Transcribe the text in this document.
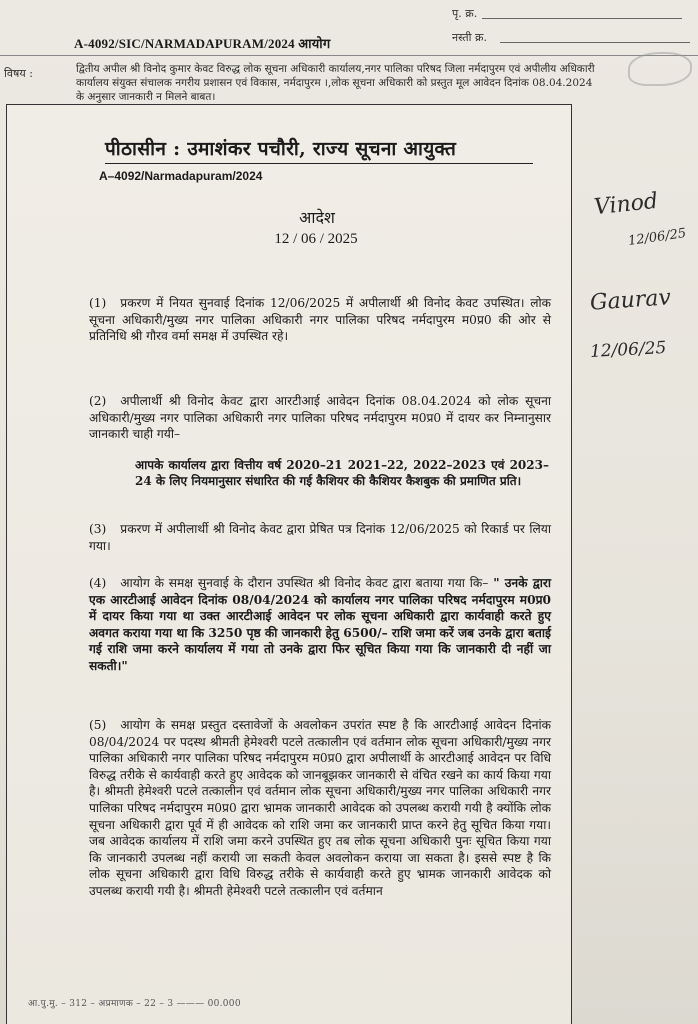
पृ. क्र.
नस्ती क्र.
A-4092/SIC/NARMADAPURAM/2024 आयोग
विषय :	द्वितीय अपील श्री विनोद कुमार केवट विरुद्ध लोक सूचना अधिकारी कार्यालय,नगर पालिका परिषद जिला नर्मदापुरम एवं अपीलीय अधिकारी कार्यालय संयुक्त संचालक नगरीय प्रशासन एवं विकास, नर्मदापुरम ।,लोक सूचना अधिकारी को प्रस्तुत मूल आवेदन दिनांक 08.04.2024 के अनुसार जानकारी न मिलने बाबत।
पीठासीन : उमाशंकर पचौरी, राज्य सूचना आयुक्त
A–4092/Narmadapuram/2024
आदेश
12 / 06 / 2025
(1) प्रकरण में नियत सुनवाई दिनांक 12/06/2025 में अपीलार्थी श्री विनोद केवट उपस्थित। लोक सूचना अधिकारी/मुख्य नगर पालिका अधिकारी नगर पालिका परिषद नर्मदापुरम म0प्र0 की ओर से प्रतिनिधि श्री गौरव वर्मा समक्ष में उपस्थित रहे।
(2) अपीलार्थी श्री विनोद केवट द्वारा आरटीआई आवेदन दिनांक 08.04.2024 को लोक सूचना अधिकारी/मुख्य नगर पालिका अधिकारी नगर पालिका परिषद नर्मदापुरम म0प्र0 में दायर कर निम्नानुसार जानकारी चाही गयी–
आपके कार्यालय द्वारा वित्तीय वर्ष 2020–21 2021–22, 2022–2023 एवं 2023–24 के लिए नियमानुसार संधारित की गई कैशियर की कैशियर कैशबुक की प्रमाणित प्रति।
(3) प्रकरण में अपीलार्थी श्री विनोद केवट द्वारा प्रेषित पत्र दिनांक 12/06/2025 को रिकार्ड पर लिया गया।
(4) आयोग के समक्ष सुनवाई के दौरान उपस्थित श्री विनोद केवट द्वारा बताया गया कि– " उनके द्वारा एक आरटीआई आवेदन दिनांक 08/04/2024 को कार्यालय नगर पालिका परिषद नर्मदापुरम म0प्र0 में दायर किया गया था उक्त आरटीआई आवेदन पर लोक सूचना अधिकारी द्वारा कार्यवाही करते हुए अवगत कराया गया था कि 3250 पृष्ठ की जानकारी हेतु 6500/– राशि जमा करें जब उनके द्वारा बताई गई राशि जमा करने कार्यालय में गया तो उनके द्वारा फिर सूचित किया गया कि जानकारी दी नहीं जा सकती।"
(5) आयोग के समक्ष प्रस्तुत दस्तावेजों के अवलोकन उपरांत स्पष्ट है कि आरटीआई आवेदन दिनांक 08/04/2024 पर पदस्थ श्रीमती हेमेश्वरी पटले तत्कालीन एवं वर्तमान लोक सूचना अधिकारी/मुख्य नगर पालिका अधिकारी नगर पालिका परिषद नर्मदापुरम म0प्र0 द्वारा अपीलार्थी के आरटीआई आवेदन पर विधि विरुद्ध तरीके से कार्यवाही करते हुए आवेदक को जानबूझकर जानकारी से वंचित रखने का कार्य किया गया है। श्रीमती हेमेश्वरी पटले तत्कालीन एवं वर्तमान लोक सूचना अधिकारी/मुख्य नगर पालिका अधिकारी नगर पालिका परिषद नर्मदापुरम म0प्र0 द्वारा भ्रामक जानकारी आवेदक को उपलब्ध करायी गयी है क्योंकि लोक सूचना अधिकारी द्वारा पूर्व में ही आवेदक को राशि जमा कर जानकारी प्राप्त करने हेतु सूचित किया गया। जब आवेदक कार्यालय में राशि जमा करने उपस्थित हुए तब लोक सूचना अधिकारी पुनः सूचित किया गया कि जानकारी उपलब्ध नहीं करायी जा सकती केवल अवलोकन कराया जा सकता है। इससे स्पष्ट है कि लोक सूचना अधिकारी द्वारा विधि विरुद्ध तरीके से कार्यवाही करते हुए भ्रामक जानकारी आवेदक को उपलब्ध करायी गयी है। श्रीमती हेमेश्वरी पटले तत्कालीन एवं वर्तमान
Vinod
12/06/25
Gaurav
12/06/25
आ.पु.मु. – 312 – अप्रमाणक – 22 – 3 ——— 00.000
